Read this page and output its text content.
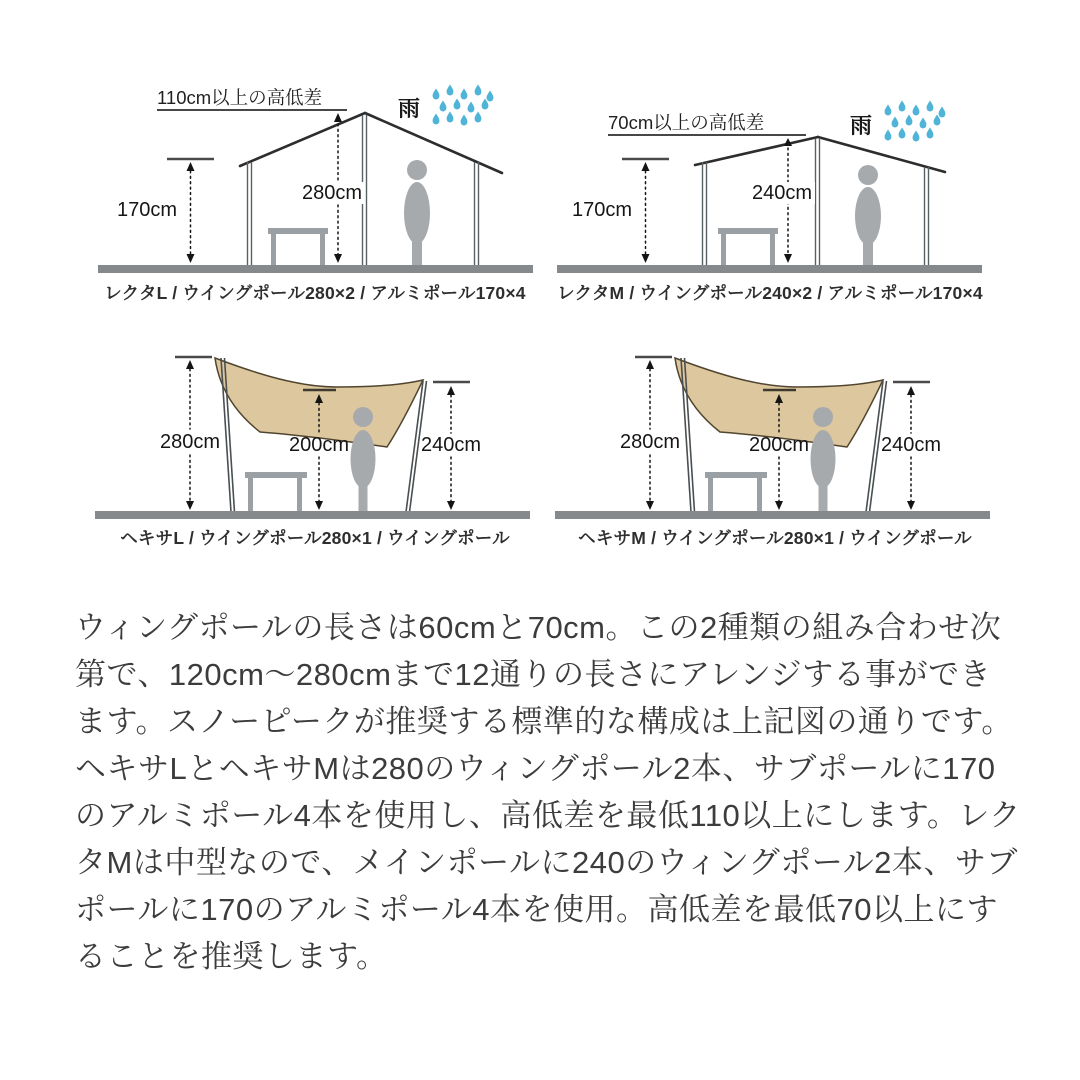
110cm以上の高低差
280cm
170cm
雨
レクタL / ウイングポール280×2 / アルミポール170×4
70cm以上の高低差
240cm
170cm
雨
レクタM / ウイングポール240×2 / アルミポール170×4
280cm	200cm	240cm
ヘキサL / ウイングポール280×1 / ウイングポール
280cm	200cm	240cm
ヘキサM / ウイングポール280×1 / ウイングポール
ウィングポールの長さは60cmと70cm。この2種類の組み合わせ次
第で、120cm〜280cmまで12通りの長さにアレンジする事ができ
ます。スノーピークが推奨する標準的な構成は上記図の通りです。
ヘキサLとヘキサMは280のウィングポール2本、サブポールに170
のアルミポール4本を使用し、高低差を最低110以上にします。レク
タMは中型なので、メインポールに240のウィングポール2本、サブ
ポールに170のアルミポール4本を使用。高低差を最低70以上にす
ることを推奨します。
